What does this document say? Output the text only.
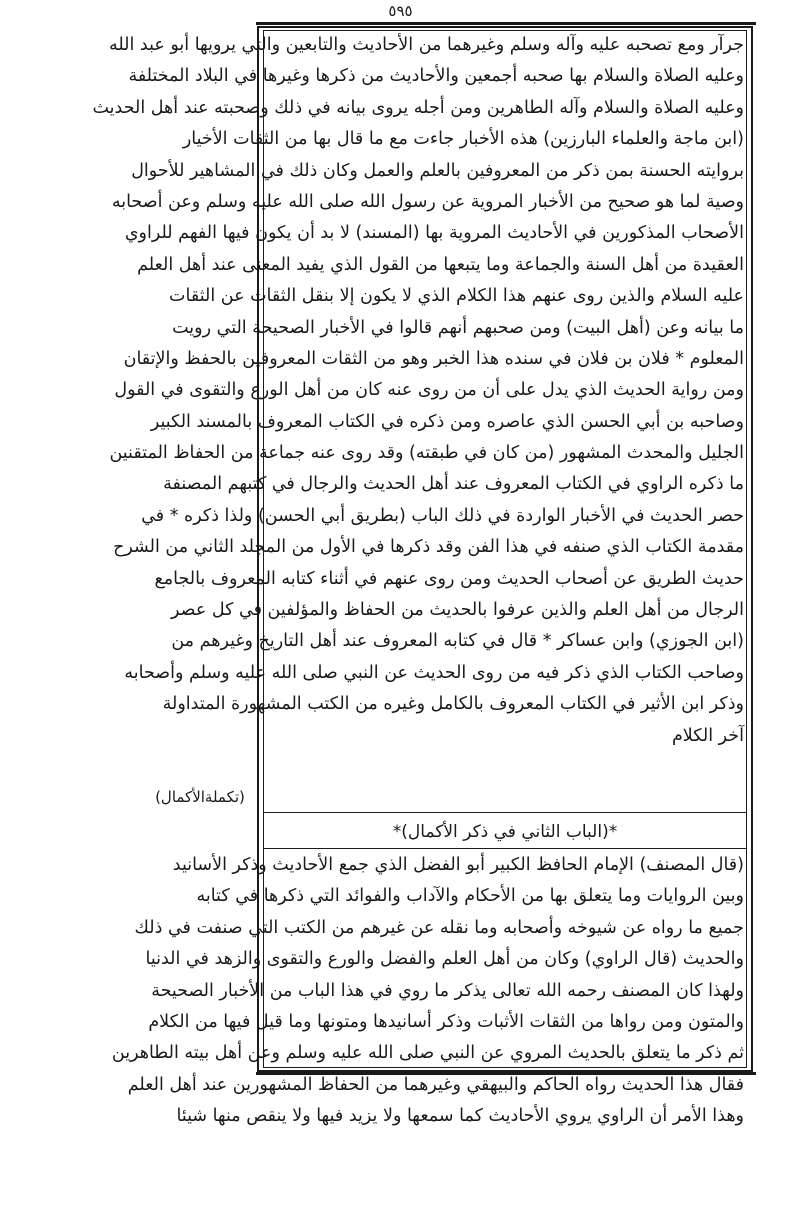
٥٩٥
جرآر ومع تصحبه عليه وآله وسلم‎ وغيرهما من الأحاديث والتابعين والتي يرويها أبو عبد الله
وعليه الصلاة والسلام بها صحبه أجمعين والأحاديث من ذكرها وغيرها في البلاد المختلفة
وعليه الصلاة والسلام وآله الطاهرين ومن أجله يروى بيانه في ذلك وصحبته عند أهل الحديث
(ابن ماجة والعلماء البارزين) هذه الأخبار جاءت مع ما قال بها من الثقات الأخيار
بروايته الحسنة بمن ذكر من المعروفين بالعلم والعمل وكان ذلك في المشاهير للأحوال
وصية لما هو صحيح من الأخبار المروية عن رسول الله صلى الله عليه وسلم وعن أصحابه
الأصحاب المذكورين في الأحاديث المروية بها (المسند) لا بد أن يكون فيها الفهم للراوي
العقيدة من أهل السنة والجماعة وما يتبعها من القول الذي يفيد المعنى عند أهل العلم
عليه السلام والذين روى عنهم هذا الكلام الذي لا يكون إلا بنقل الثقات عن الثقات
ما بيانه وعن (أهل البيت) ومن صحبهم أنهم قالوا في الأخبار الصحيحة التي رويت
المعلوم * فلان بن فلان في سنده هذا الخبر وهو من الثقات المعروفين بالحفظ والإتقان
ومن رواية الحديث الذي يدل على أن من روى عنه كان من أهل الورع والتقوى في القول
وصاحبه بن أبي الحسن الذي عاصره ومن ذكره في الكتاب المعروف بالمسند الكبير
الجليل والمحدث المشهور (من كان في طبقته) وقد روى عنه جماعة من الحفاظ المتقنين
ما ذكره الراوي في الكتاب المعروف عند أهل الحديث والرجال في كتبهم المصنفة
حصر الحديث في الأخبار الواردة في ذلك الباب (بطريق أبي الحسن) ولذا ذكره * في
مقدمة الكتاب الذي صنفه في هذا الفن وقد ذكرها في الأول من المجلد الثاني من الشرح
حديث الطريق عن أصحاب الحديث ومن روى عنهم في أثناء كتابه المعروف بالجامع
الرجال من أهل العلم والذين عرفوا بالحديث من الحفاظ والمؤلفين في كل عصر
(ابن الجوزي) وابن عساكر * قال في كتابه المعروف عند أهل التاريخ وغيرهم من
وصاحب الكتاب الذي ذكر فيه من روى الحديث عن النبي صلى الله عليه وسلم وأصحابه
وذكر ابن الأثير في الكتاب المعروف بالكامل وغيره من الكتب المشهورة المتداولة
آخر الكلام
(تکملةالأکمال)
*(الباب الثاني في ذكر الأكمال)*
(قال المصنف) الإمام الحافظ الكبير أبو الفضل الذي جمع الأحاديث وذكر الأسانيد
وبين الروايات وما يتعلق بها من الأحكام والآداب والفوائد التي ذكرها في كتابه
جميع ما رواه عن شيوخه وأصحابه وما نقله عن غيرهم من الكتب التي صنفت في ذلك
والحديث (قال الراوي) وكان من أهل العلم والفضل والورع والتقوى والزهد في الدنيا
ولهذا كان المصنف رحمه الله تعالى يذكر ما روي في هذا الباب من الأخبار الصحيحة
والمتون ومن رواها من الثقات الأثبات وذكر أسانيدها ومتونها وما قيل فيها من الكلام
ثم ذكر ما يتعلق بالحديث المروي عن النبي صلى الله عليه وسلم وعن أهل بيته الطاهرين
فقال هذا الحديث رواه الحاكم والبيهقي وغيرهما من الحفاظ المشهورين عند أهل العلم
وهذا الأمر أن الراوي يروي الأحاديث كما سمعها ولا يزيد فيها ولا ينقص منها شيئا
